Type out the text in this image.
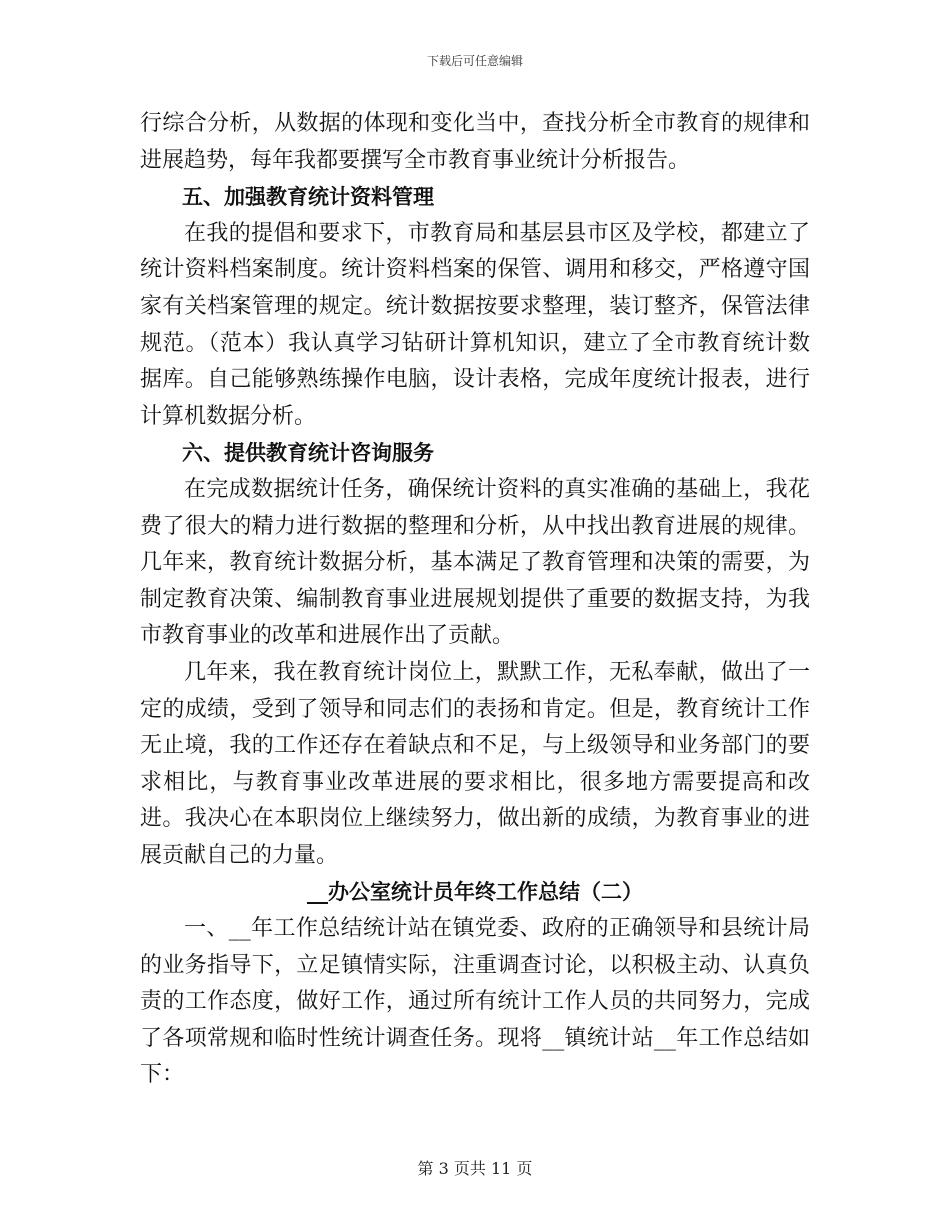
下载后可任意编辑

行综合分析，从数据的体现和变化当中，查找分析全市教育的规律和进展趋势，每年我都要撰写全市教育事业统计分析报告。

五、加强教育统计资料管理

在我的提倡和要求下，市教育局和基层县市区及学校，都建立了统计资料档案制度。统计资料档案的保管、调用和移交，严格遵守国家有关档案管理的规定。统计数据按要求整理，装订整齐，保管法律规范。（范本）我认真学习钻研计算机知识，建立了全市教育统计数据库。自己能够熟练操作电脑，设计表格，完成年度统计报表，进行计算机数据分析。

六、提供教育统计咨询服务

在完成数据统计任务，确保统计资料的真实准确的基础上，我花费了很大的精力进行数据的整理和分析，从中找出教育进展的规律。几年来，教育统计数据分析，基本满足了教育管理和决策的需要，为制定教育决策、编制教育事业进展规划提供了重要的数据支持，为我市教育事业的改革和进展作出了贡献。

几年来，我在教育统计岗位上，默默工作，无私奉献，做出了一定的成绩，受到了领导和同志们的表扬和肯定。但是，教育统计工作无止境，我的工作还存在着缺点和不足，与上级领导和业务部门的要求相比，与教育事业改革进展的要求相比，很多地方需要提高和改进。我决心在本职岗位上继续努力，做出新的成绩，为教育事业的进展贡献自己的力量。

__办公室统计员年终工作总结（二）

一、__年工作总结统计站在镇党委、政府的正确领导和县统计局的业务指导下，立足镇情实际，注重调查讨论，以积极主动、认真负责的工作态度，做好工作，通过所有统计工作人员的共同努力，完成了各项常规和临时性统计调查任务。现将__镇统计站__年工作总结如下：

第 3 页共 11 页
